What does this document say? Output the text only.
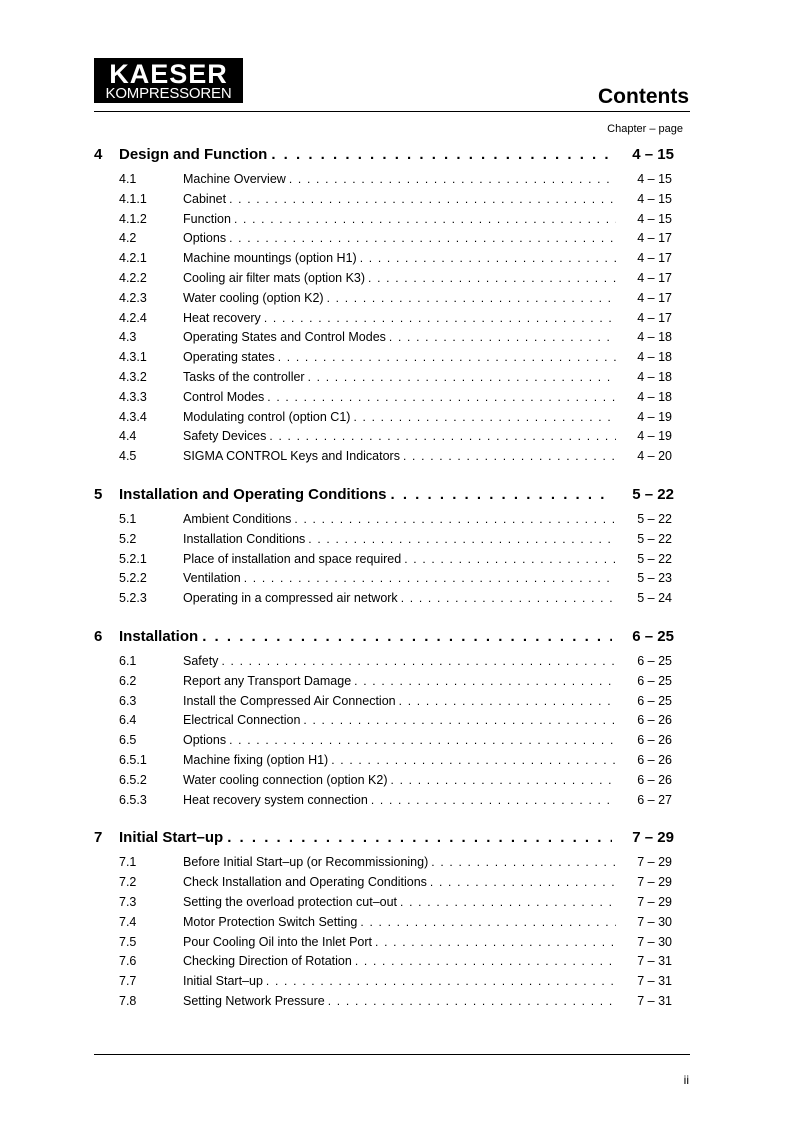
KAESER
KOMPRESSOREN	Contents
Chapter – page
4	Design and Function . . .	4 – 15
4.1	Machine Overview . . .	4 – 15
4.1.1	Cabinet . . .	4 – 15
4.1.2	Function . . .	4 – 15
4.2	Options . . .	4 – 17
4.2.1	Machine mountings (option H1) . . .	4 – 17
4.2.2	Cooling air filter mats (option K3) . . .	4 – 17
4.2.3	Water cooling (option K2) . . .	4 – 17
4.2.4	Heat recovery . . .	4 – 17
4.3	Operating States and Control Modes . . .	4 – 18
4.3.1	Operating states . . .	4 – 18
4.3.2	Tasks of the controller . . .	4 – 18
4.3.3	Control Modes . . .	4 – 18
4.3.4	Modulating control (option C1) . . .	4 – 19
4.4	Safety Devices . . .	4 – 19
4.5	SIGMA CONTROL Keys and Indicators . . .	4 – 20
5	Installation and Operating Conditions . . .	5 – 22
5.1	Ambient Conditions . . .	5 – 22
5.2	Installation Conditions . . .	5 – 22
5.2.1	Place of installation and space required . . .	5 – 22
5.2.2	Ventilation . . .	5 – 23
5.2.3	Operating in a compressed air network . . .	5 – 24
6	Installation . . .	6 – 25
6.1	Safety . . .	6 – 25
6.2	Report any Transport Damage . . .	6 – 25
6.3	Install the Compressed Air Connection . . .	6 – 25
6.4	Electrical Connection . . .	6 – 26
6.5	Options . . .	6 – 26
6.5.1	Machine fixing (option H1) . . .	6 – 26
6.5.2	Water cooling connection (option K2) . . .	6 – 26
6.5.3	Heat recovery system connection . . .	6 – 27
7	Initial Start–up . . .	7 – 29
7.1	Before Initial Start–up (or Recommissioning) . . .	7 – 29
7.2	Check Installation and Operating Conditions . . .	7 – 29
7.3	Setting the overload protection cut–out . . .	7 – 29
7.4	Motor Protection Switch Setting . . .	7 – 30
7.5	Pour Cooling Oil into the Inlet Port . . .	7 – 30
7.6	Checking Direction of Rotation . . .	7 – 31
7.7	Initial Start–up . . .	7 – 31
7.8	Setting Network Pressure . . .	7 – 31
ii
